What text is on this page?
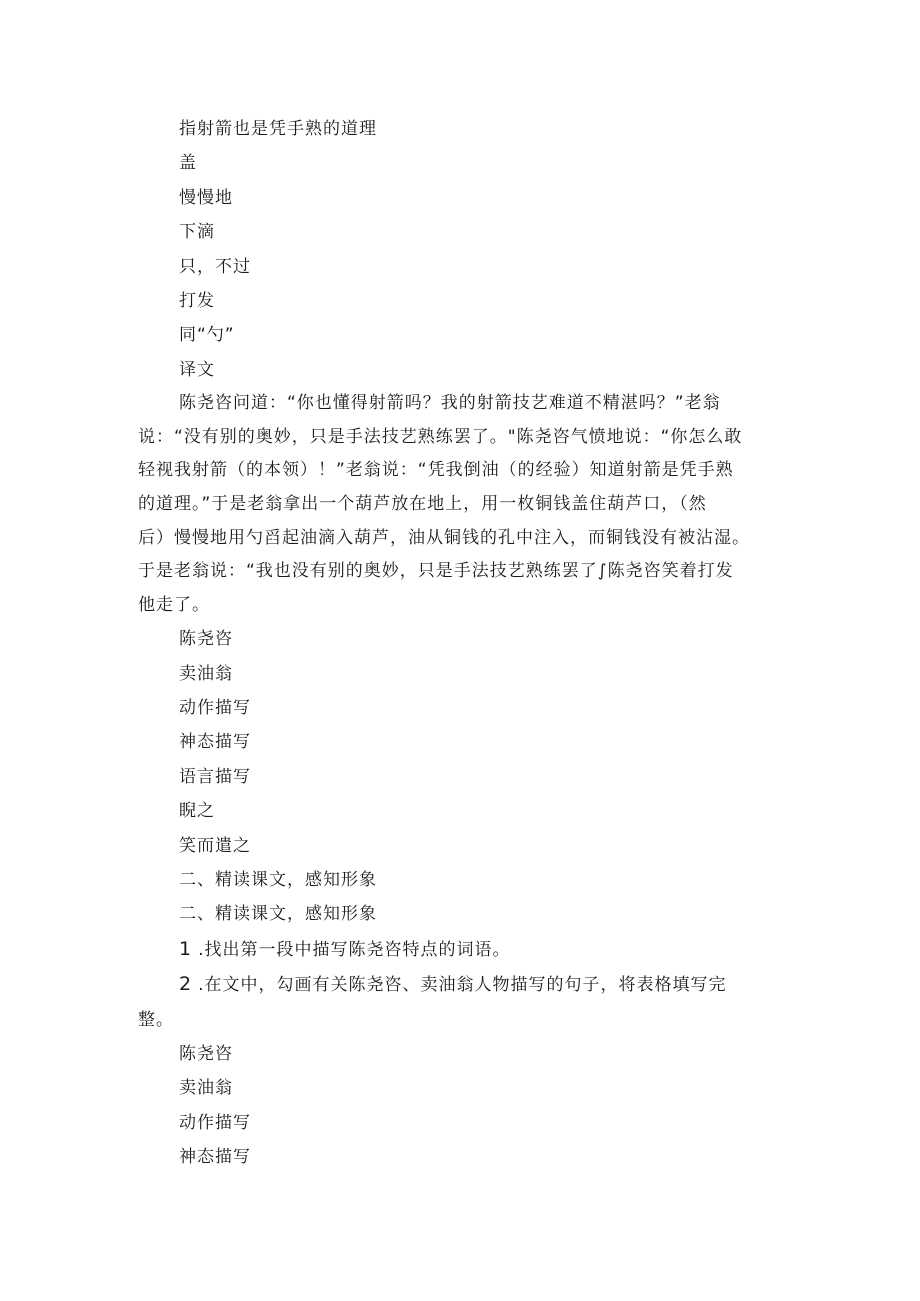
指射箭也是凭手熟的道理
盖
慢慢地
下滴
只，不过
打发
同“勺”
译文

陈尧咨问道：“你也懂得射箭吗？我的射箭技艺难道不精湛吗？”老翁
说：“没有别的奥妙，只是手法技艺熟练罢了。"陈尧咨气愤地说：“你怎么敢
轻视我射箭（的本领）！”老翁说：“凭我倒油（的经验）知道射箭是凭手熟
的道理。”于是老翁拿出一个葫芦放在地上，用一枚铜钱盖住葫芦口，（然
后）慢慢地用勺舀起油滴入葫芦，油从铜钱的孔中注入，而铜钱没有被沾湿。
于是老翁说：“我也没有别的奥妙，只是手法技艺熟练罢了∫陈尧咨笑着打发
他走了。

陈尧咨
卖油翁
动作描写
神态描写
语言描写
睨之
笑而遣之
二、精读课文，感知形象
二、精读课文，感知形象
1 .找出第一段中描写陈尧咨特点的词语。
2 .在文中，勾画有关陈尧咨、卖油翁人物描写的句子，将表格填写完
整。
陈尧咨
卖油翁
动作描写
神态描写
